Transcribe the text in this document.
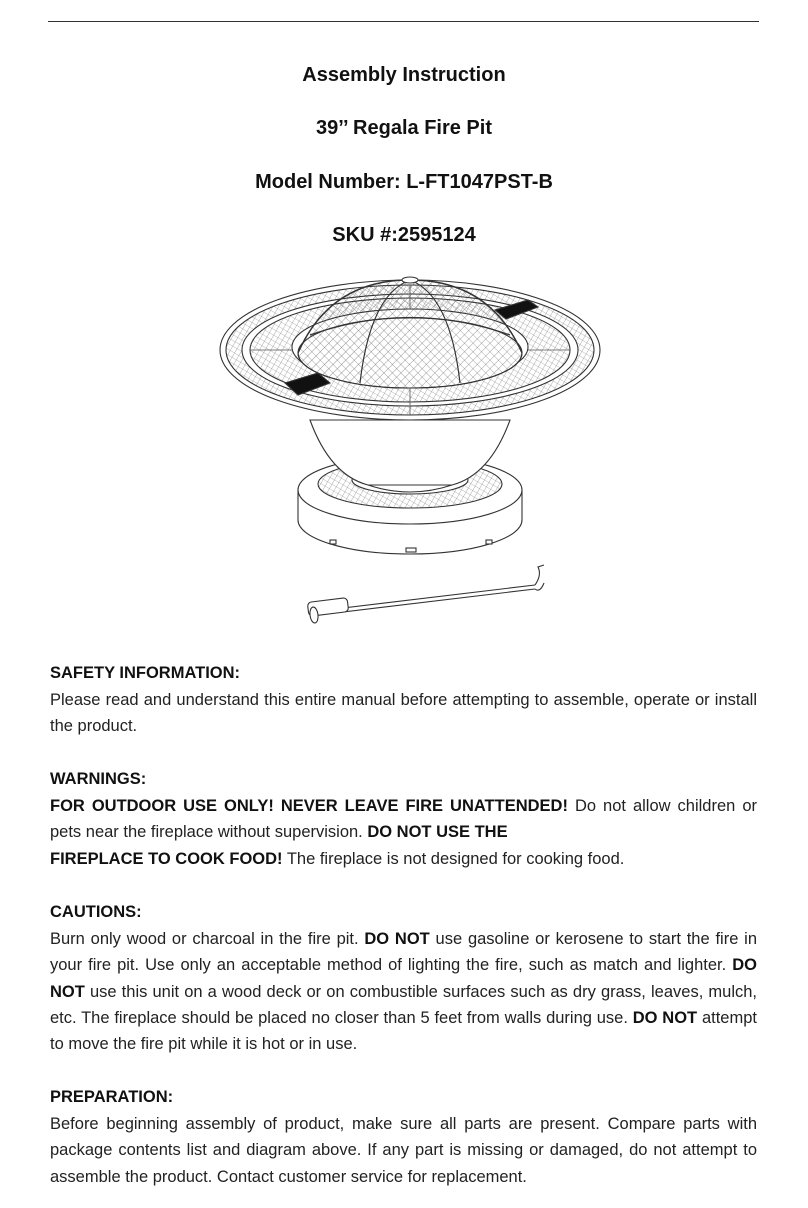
Assembly Instruction
39’’ Regala Fire Pit
Model Number: L-FT1047PST-B
SKU #:2595124
SAFETY INFORMATION:

Please read and understand this entire manual before attempting to assemble, operate or install the product.

WARNINGS:

FOR OUTDOOR USE ONLY! NEVER LEAVE FIRE UNATTENDED! Do not allow children or pets near the fireplace without supervision. DO NOT USE THE
FIREPLACE TO COOK FOOD! The fireplace is not designed for cooking food.

CAUTIONS:

Burn only wood or charcoal in the fire pit. DO NOT use gasoline or kerosene to start the fire in your fire pit. Use only an acceptable method of lighting the fire, such as match and lighter. DO NOT use this unit on a wood deck or on combustible surfaces such as dry grass, leaves, mulch, etc. The fireplace should be placed no closer than 5 feet from walls during use. DO NOT attempt to move the fire pit while it is hot or in use.

PREPARATION:

Before beginning assembly of product, make sure all parts are present. Compare parts with package contents list and diagram above. If any part is missing or damaged, do not attempt to assemble the product. Contact customer service for replacement.
